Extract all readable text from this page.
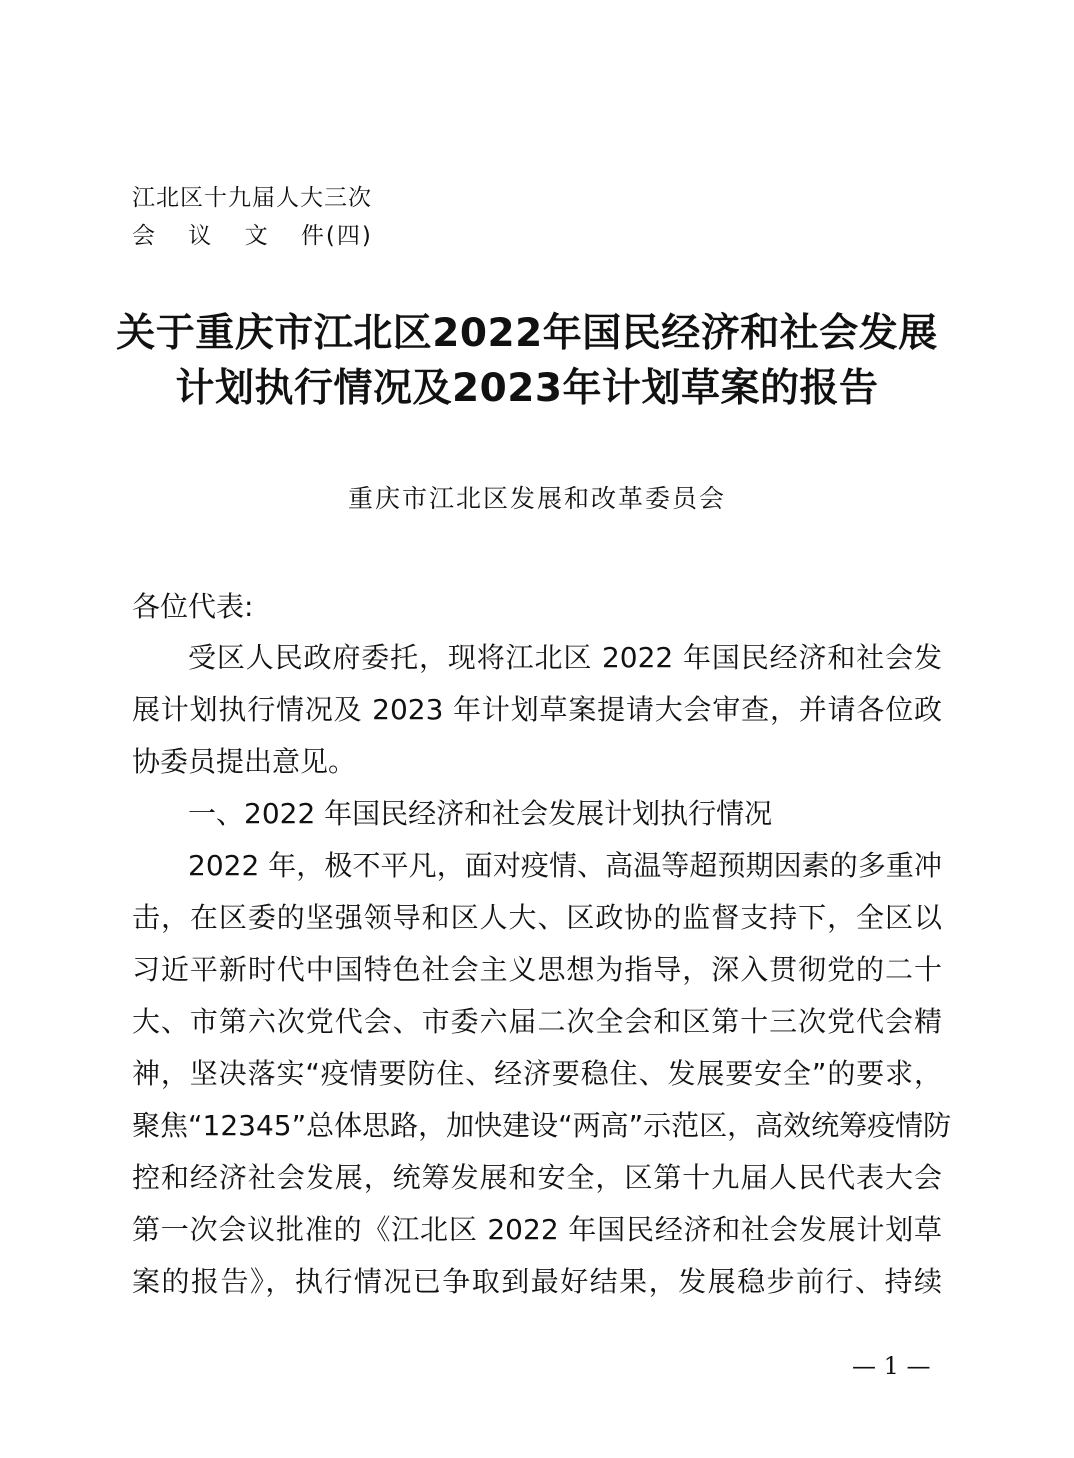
江北区十九届人大三次
会 议 文 件(四)
关于重庆市江北区2022年国民经济和社会发展
计划执行情况及2023年计划草案的报告
重庆市江北区发展和改革委员会
各位代表:
受区人民政府委托，现将江北区 2022 年国民经济和社会发
展计划执行情况及 2023 年计划草案提请大会审查，并请各位政
协委员提出意见。
一、2022 年国民经济和社会发展计划执行情况
2022 年，极不平凡，面对疫情、高温等超预期因素的多重冲
击，在区委的坚强领导和区人大、区政协的监督支持下，全区以
习近平新时代中国特色社会主义思想为指导，深入贯彻党的二十
大、市第六次党代会、市委六届二次全会和区第十三次党代会精
神，坚决落实“疫情要防住、经济要稳住、发展要安全”的要求，
聚焦“12345”总体思路，加快建设“两高”示范区，高效统筹疫情防
控和经济社会发展，统筹发展和安全，区第十九届人民代表大会
第一次会议批准的《江北区 2022 年国民经济和社会发展计划草
案的报告》，执行情况已争取到最好结果，发展稳步前行、持续
— 1 —
